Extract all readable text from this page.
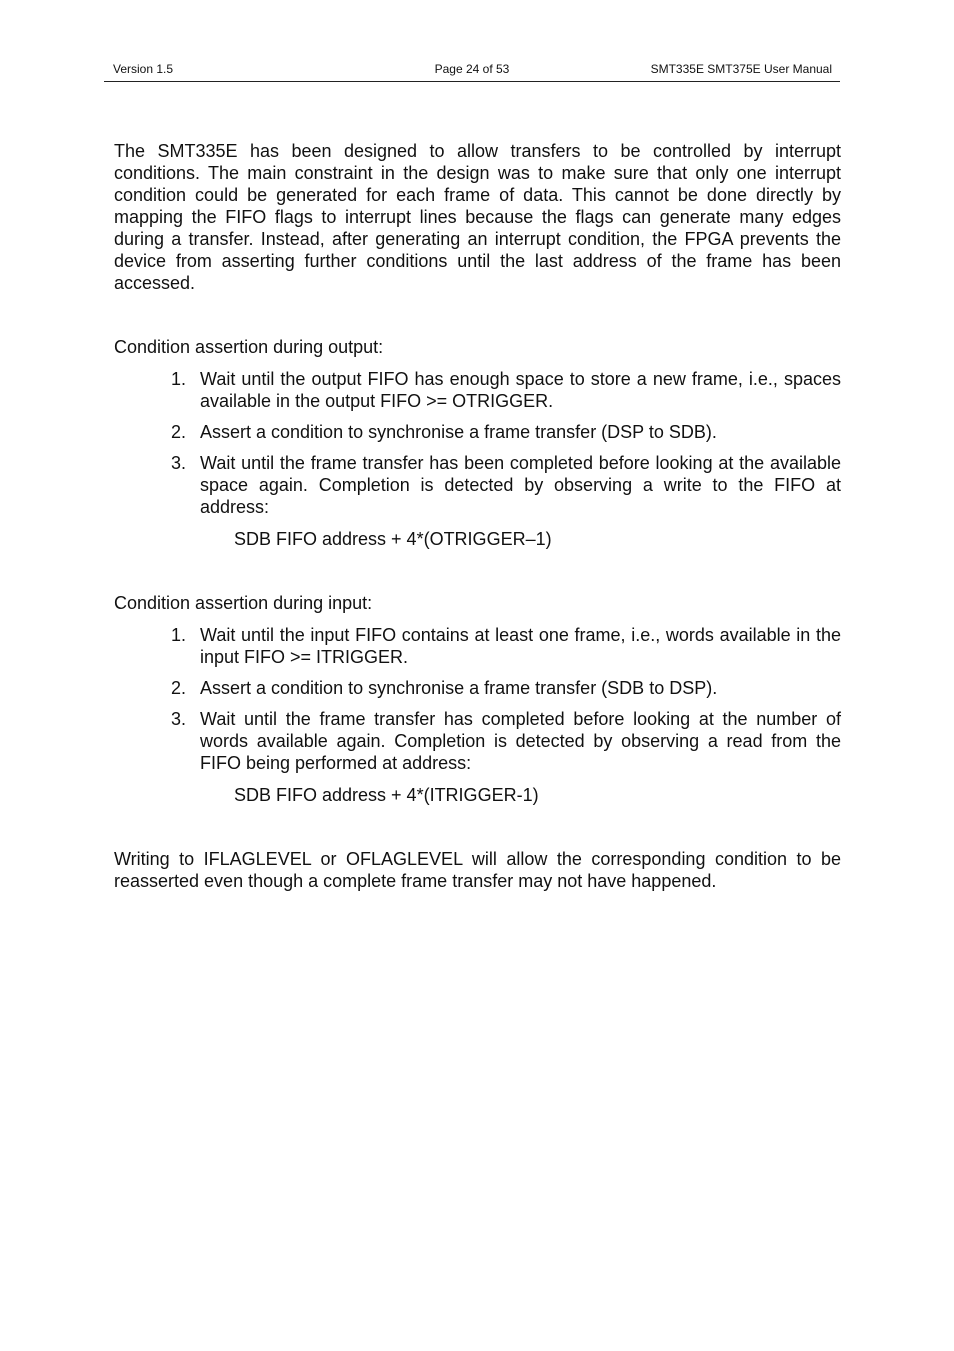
Version 1.5	Page 24 of 53	SMT335E SMT375E User Manual

The SMT335E has been designed to allow transfers to be controlled by interrupt conditions. The main constraint in the design was to make sure that only one interrupt condition could be generated for each frame of data. This cannot be done directly by mapping the FIFO flags to interrupt lines because the flags can generate many edges during a transfer. Instead, after generating an interrupt condition, the FPGA prevents the device from asserting further conditions until the last address of the frame has been accessed.

Condition assertion during output:

1. Wait until the output FIFO has enough space to store a new frame, i.e., spaces available in the output FIFO >= OTRIGGER.
2. Assert a condition to synchronise a frame transfer (DSP to SDB).
3. Wait until the frame transfer has been completed before looking at the available space again. Completion is detected by observing a write to the FIFO at address:

SDB FIFO address + 4*(OTRIGGER–1)

Condition assertion during input:

1. Wait until the input FIFO contains at least one frame, i.e., words available in the input FIFO >= ITRIGGER.
2. Assert a condition to synchronise a frame transfer (SDB to DSP).
3. Wait until the frame transfer has completed before looking at the number of words available again. Completion is detected by observing a read from the FIFO being performed at address:

SDB FIFO address + 4*(ITRIGGER-1)

Writing to IFLAGLEVEL or OFLAGLEVEL will allow the corresponding condition to be reasserted even though a complete frame transfer may not have happened.
